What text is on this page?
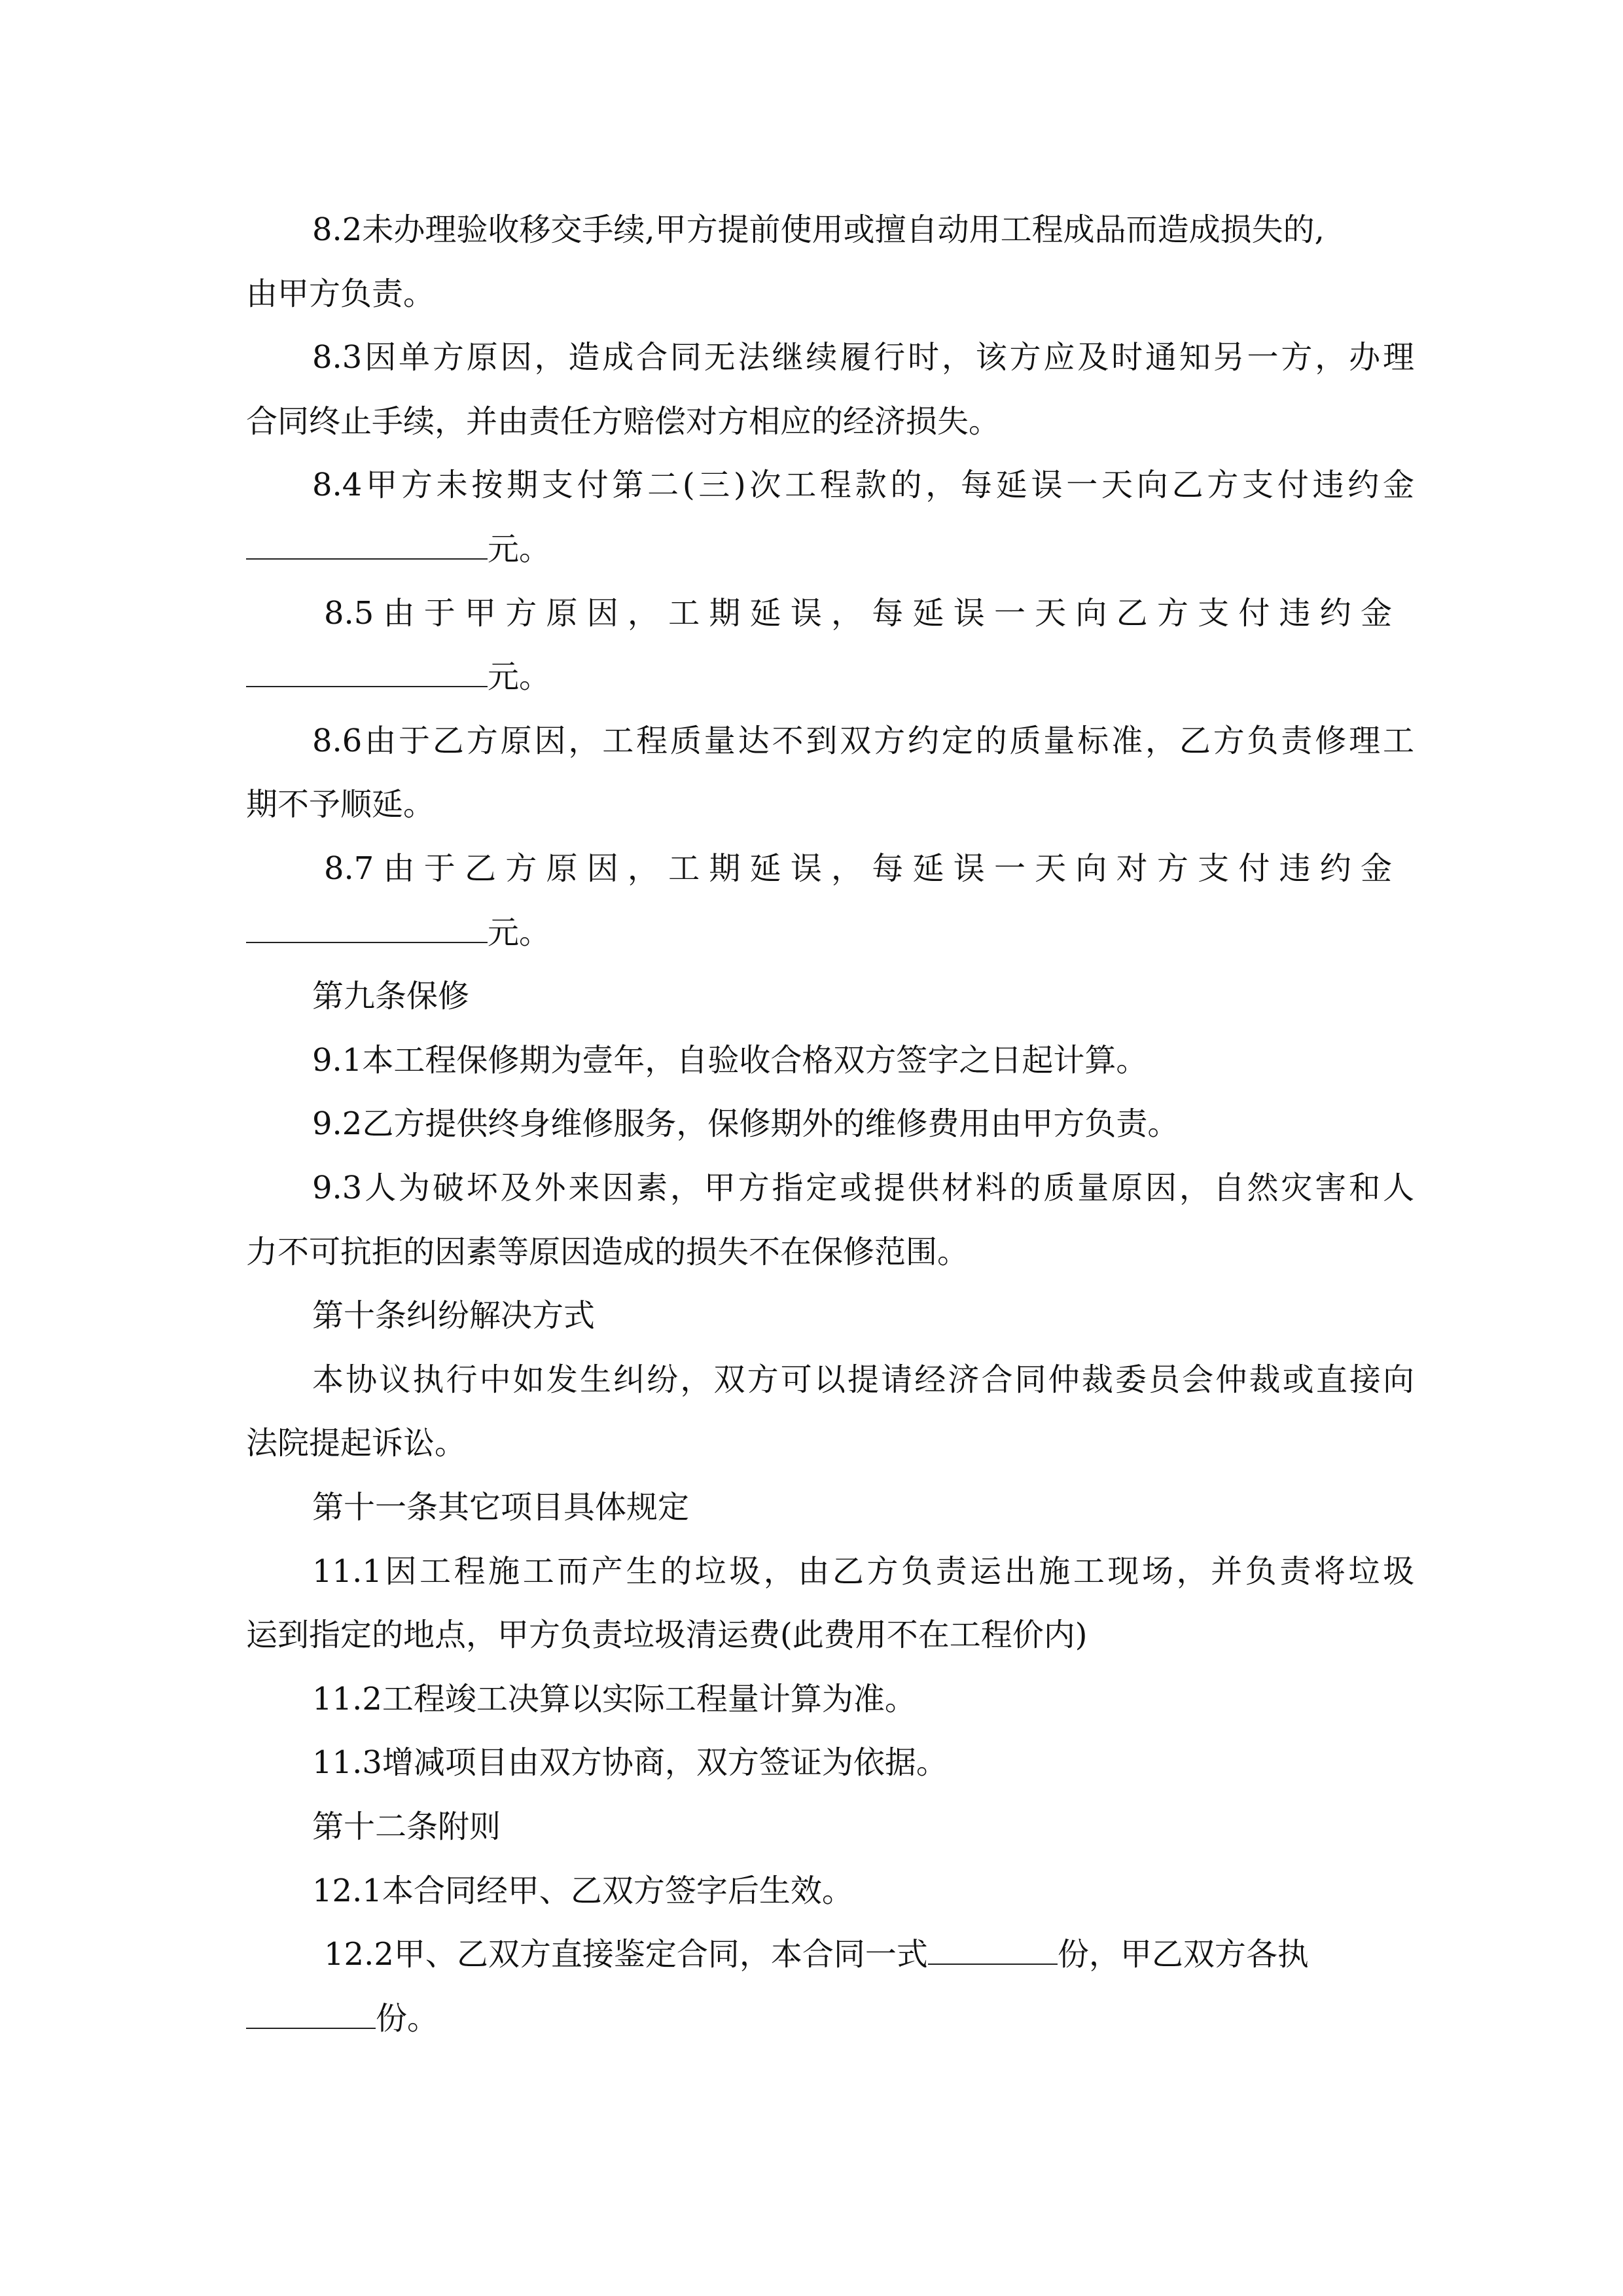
8.2未办理验收移交手续,甲方提前使用或擅自动用工程成品而造成损失的,
由甲方负责。
8.3因单方原因，造成合同无法继续履行时，该方应及时通知另一方，办理
合同终止手续，并由责任方赔偿对方相应的经济损失。
8.4甲方未按期支付第二(三)次工程款的，每延误一天向乙方支付违约金
元。
8.5由于甲方原因，工期延误，每延误一天向乙方支付违约金
元。
8.6由于乙方原因，工程质量达不到双方约定的质量标准，乙方负责修理工
期不予顺延。
8.7由于乙方原因，工期延误，每延误一天向对方支付违约金
元。
第九条保修
9.1本工程保修期为壹年，自验收合格双方签字之日起计算。
9.2乙方提供终身维修服务，保修期外的维修费用由甲方负责。
9.3人为破坏及外来因素，甲方指定或提供材料的质量原因，自然灾害和人
力不可抗拒的因素等原因造成的损失不在保修范围。
第十条纠纷解决方式
本协议执行中如发生纠纷，双方可以提请经济合同仲裁委员会仲裁或直接向
法院提起诉讼。
第十一条其它项目具体规定
11.1因工程施工而产生的垃圾，由乙方负责运出施工现场，并负责将垃圾
运到指定的地点，甲方负责垃圾清运费(此费用不在工程价内)
11.2工程竣工决算以实际工程量计算为准。
11.3增减项目由双方协商，双方签证为依据。
第十二条附则
12.1本合同经甲、乙双方签字后生效。
12.2甲、乙双方直接鉴定合同，本合同一式	份，甲乙双方各执
份。
